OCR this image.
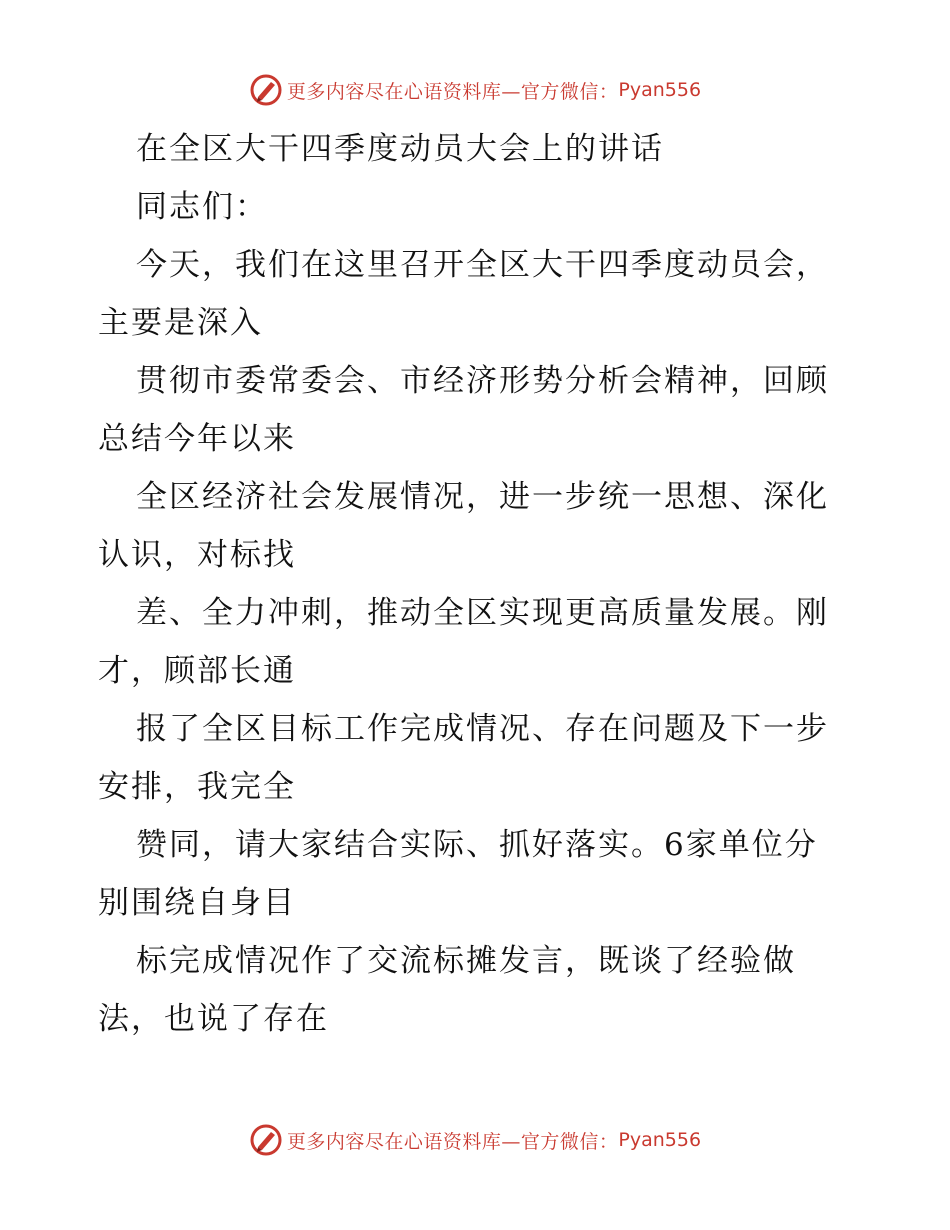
更多内容尽在心语资料库—官方微信： Pyan556
在全区大干四季度动员大会上的讲话
同志们：
今天，我们在这里召开全区大干四季度动员会，
主要是深入
贯彻市委常委会、市经济形势分析会精神，回顾
总结今年以来
全区经济社会发展情况，进一步统一思想、深化
认识，对标找
差、全力冲刺，推动全区实现更高质量发展。刚
才，顾部长通
报了全区目标工作完成情况、存在问题及下一步
安排，我完全
赞同，请大家结合实际、抓好落实。6家单位分
别围绕自身目
标完成情况作了交流标摊发言，既谈了经验做
法，也说了存在
更多内容尽在心语资料库—官方微信： Pyan556
